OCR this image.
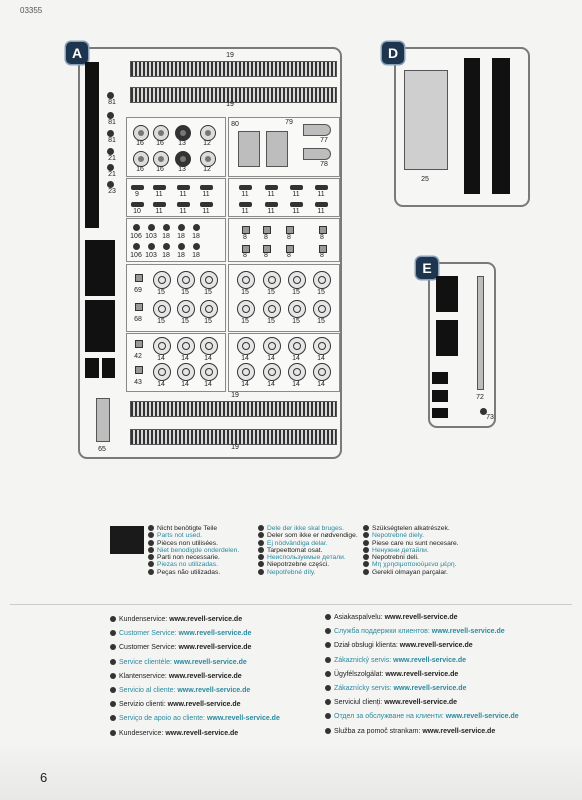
03355
A
81
81
81
21
21
23
19
19
16	16	13	12
16	16	13	12
80	79
77
78
9	11	11	11
10	11	11	11
11	11	11	11
11	11	11	11
106 103 18	18	18
106 103 18	18	18
8	8	8	8
8	8	8	8
69	15	15	15
68	15	15	15
15	15	15	15
15	15	15	15
42	14	14	14
43	14	14	14
14	14	14	14
14	14	14	14
19
19
65
D
25
E
72
73
Nicht benötigte Teile
Parts not used.
Pièces non utilisées.
Niet benodigde onderdelen.
Parti non necessarie.
Piezas no utilizadas.
Peças não utilizadas.
Dele der ikke skal bruges.
Deler som ikke er nødvendige.
Ej nödvändiga delar.
Tarpeettomat osat.
Неиспользуемые детали.
Niepotrzebne części.
Nepotřebné díly.
Szükségtelen alkatrészek.
Nepotrebné diely.
Piese care nu sunt necesare.
Ненужни детайли.
Nepotrebni deli.
Μη χρησιμοποιούμενα μέρη.
Gerekli olmayan parçalar.
Kundenservice: www.revell-service.de
Customer Service: www.revell-service.de
Customer Service: www.revell-service.de
Service clientèle: www.revell-service.de
Klantenservice: www.revell-service.de
Servicio al cliente: www.revell-service.de
Servizio clienti: www.revell-service.de
Serviço de apoio ao cliente: www.revell-service.de
Kundeservice: www.revell-service.de
Asiakaspalvelu: www.revell-service.de
Служба поддержки клиентов: www.revell-service.de
Dział obsługi klienta: www.revell-service.de
Zákaznický servis: www.revell-service.de
Ügyfélszolgálat: www.revell-service.de
Zákaznícky servis: www.revell-service.de
Serviciul clienți: www.revell-service.de
Отдел за обслужване на клиенти: www.revell-service.de
Služba za pomoč strankam: www.revell-service.de
6
